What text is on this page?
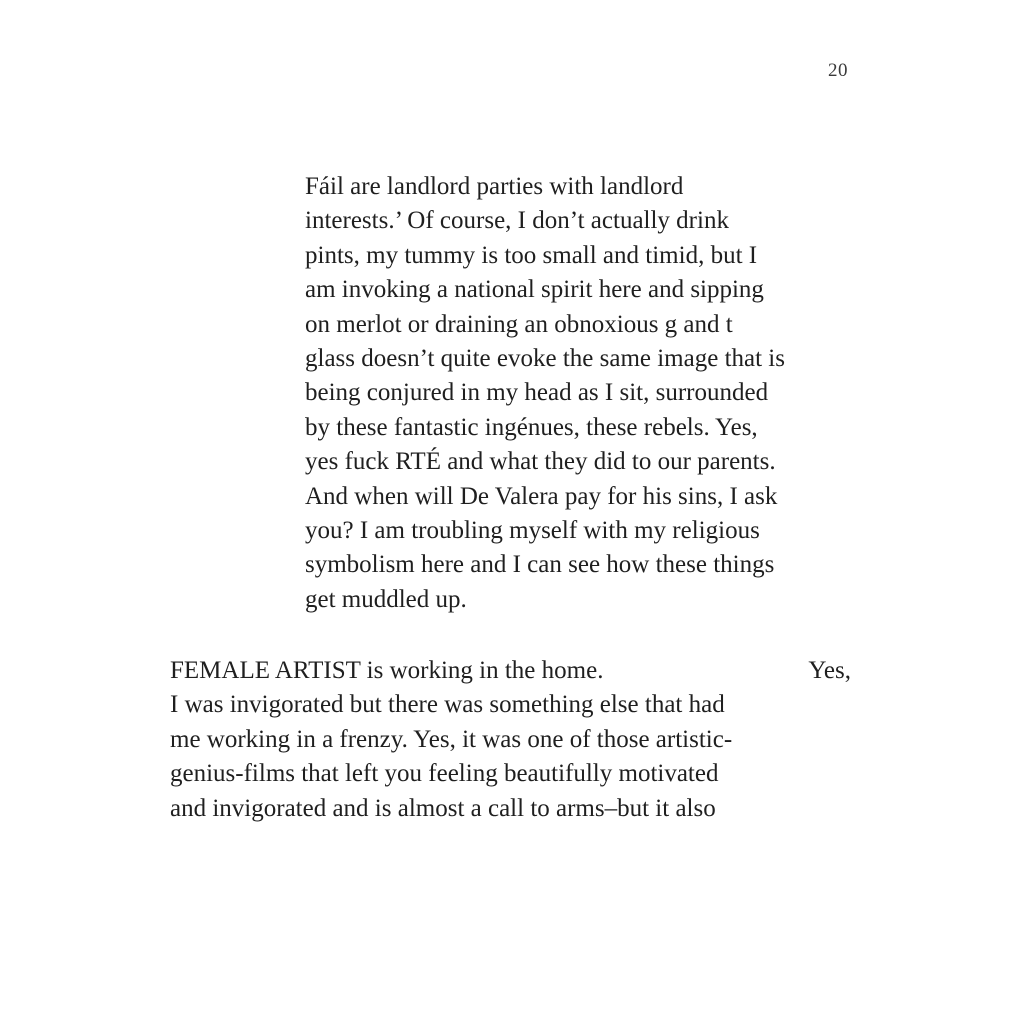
20
Fáil are landlord parties with landlord
interests.’ Of course, I don’t actually drink
pints, my tummy is too small and timid, but I
am invoking a national spirit here and sipping
on merlot or draining an obnoxious g and t
glass doesn’t quite evoke the same image that is
being conjured in my head as I sit, surrounded
by these fantastic ingénues, these rebels. Yes,
yes fuck RTÉ and what they did to our parents.
And when will De Valera pay for his sins, I ask
you? I am troubling myself with my religious
symbolism here and I can see how these things
get muddled up.
FEMALE ARTIST is working in the home.	Yes,
I was invigorated but there was something else that had
me working in a frenzy. Yes, it was one of those artistic-
genius-films that left you feeling beautifully motivated
and invigorated and is almost a call to arms–but it also
